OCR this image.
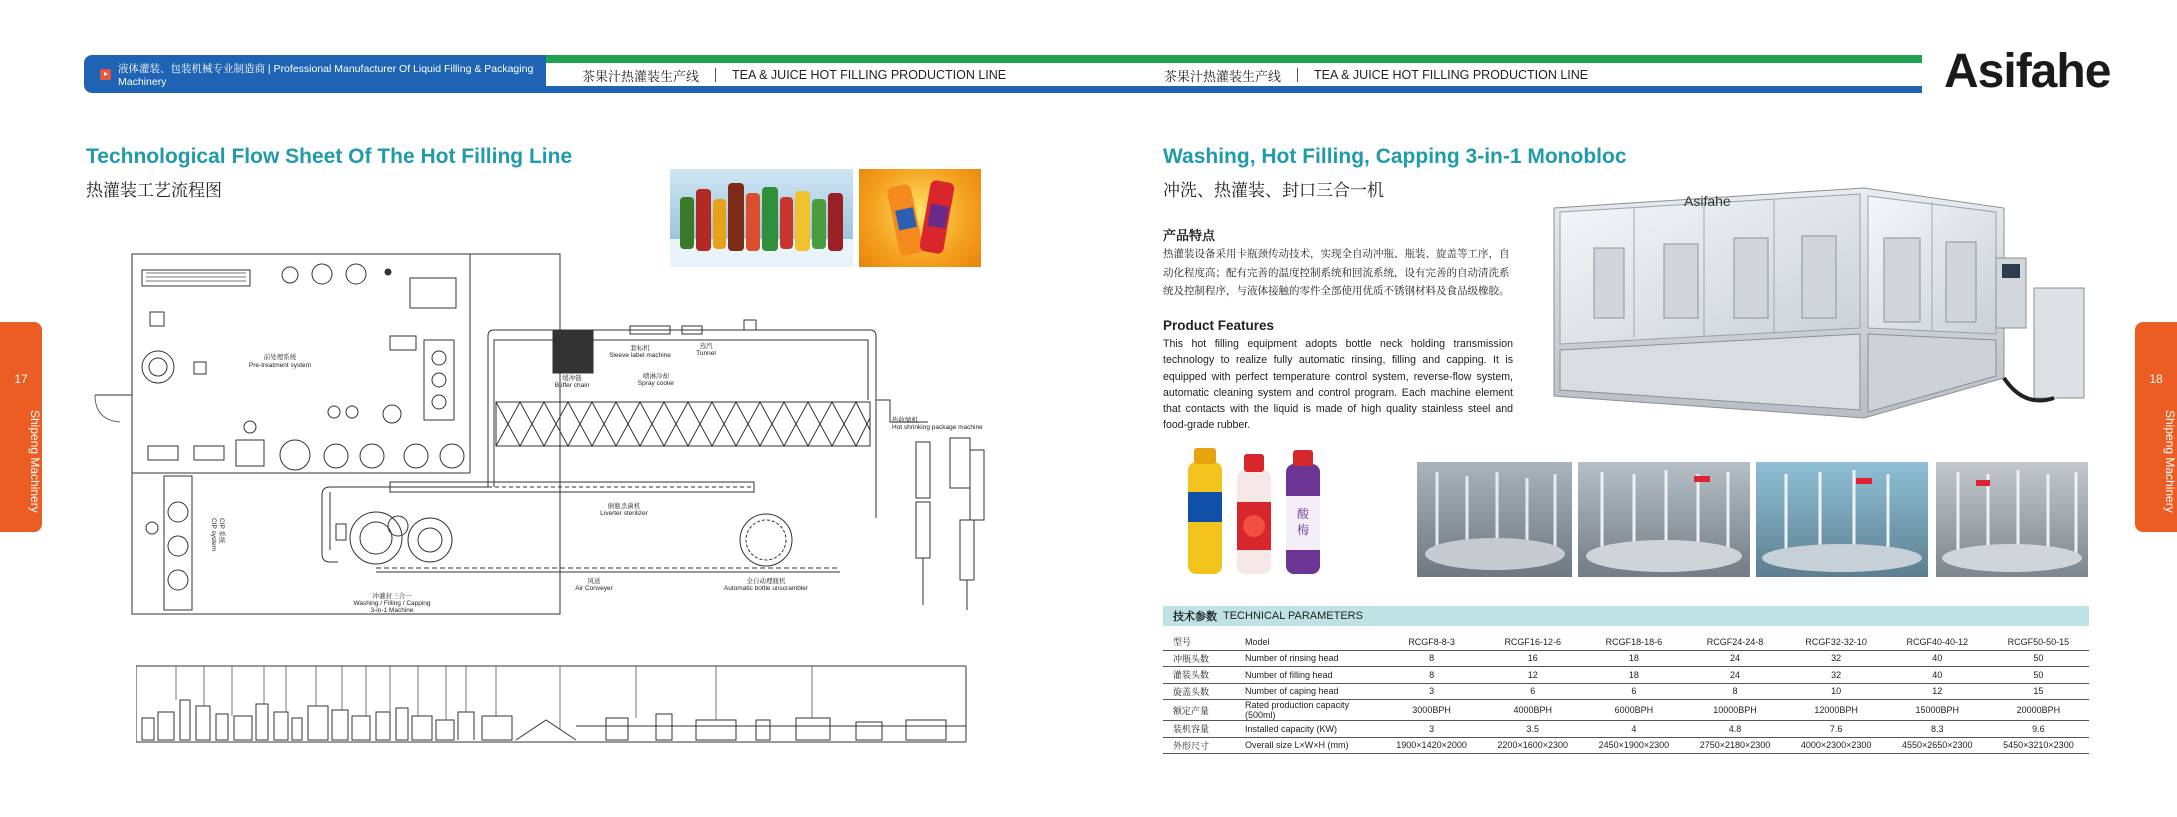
液体灌装、包装机械专业制造商 | Professional Manufacturer Of Liquid Filling & Packaging Machinery	茶果汁热灌装生产线	TEA & JUICE HOT FILLING PRODUCTION LINE	茶果汁热灌装生产线	TEA & JUICE HOT FILLING PRODUCTION LINE	Asifahe
17
Shipeng Machinery
18
Shipeng Machinery
Technological Flow Sheet Of The Hot Filling Line
热灌装工艺流程图
前处理系统
Pre-treatment system
缓冲链
Buffer chain
喷淋冷却
Spray cooler
套标机
Sleeve label machine
蒸汽
Tunnel
热收缩机
Hot shrinking package machine
倒瓶杀菌机
Liverter sterilizer
风送
Air Conveyer
全自动理瓶机
Automatic bottle unscrambler
冲灌封三合一
Washing / Filling / Capping
3-in-1 Machine
CIP 系统
CIP system
Washing, Hot Filling, Capping 3-in-1 Monobloc
冲洗、热灌装、封口三合一机
产品特点
热灌装设备采用卡瓶颈传动技术，实现全自动冲瓶、瓶装、旋盖等工序，自动化程度高；配有完善的温度控制系统和回流系统，设有完善的自动清洗系统及控制程序，与液体接触的零件全部使用优质不锈钢材料及食品级橡胶。
Product Features
This hot filling equipment adopts bottle neck holding transmission technology to realize fully automatic rinsing, filling and capping. It is equipped with perfect temperature control system, reverse-flow system, automatic cleaning system and control program. Each machine element that contacts with the liquid is made of high quality stainless steel and food-grade rubber.
Asifahe
酸
梅
技术参数 TECHNICAL PARAMETERS
型号	Model	RCGF8-8-3	RCGF16-12-6	RCGF18-18-6	RCGF24-24-8	RCGF32-32-10	RCGF40-40-12	RCGF50-50-15
冲瓶头数	Number of rinsing head	8	16	18	24	32	40	50
灌装头数	Number of filling head	8	12	18	24	32	40	50
旋盖头数	Number of caping head	3	6	6	8	10	12	15
额定产量	Rated production capacity (500ml)	3000BPH	4000BPH	6000BPH	10000BPH	12000BPH	15000BPH	20000BPH
装机容量	Installed capacity (KW)	3	3.5	4	4.8	7.6	8.3	9.6
外形尺寸	Overall size L×W×H (mm)	1900×1420×2000	2200×1600×2300	2450×1900×2300	2750×2180×2300	4000×2300×2300	4550×2650×2300	5450×3210×2300
